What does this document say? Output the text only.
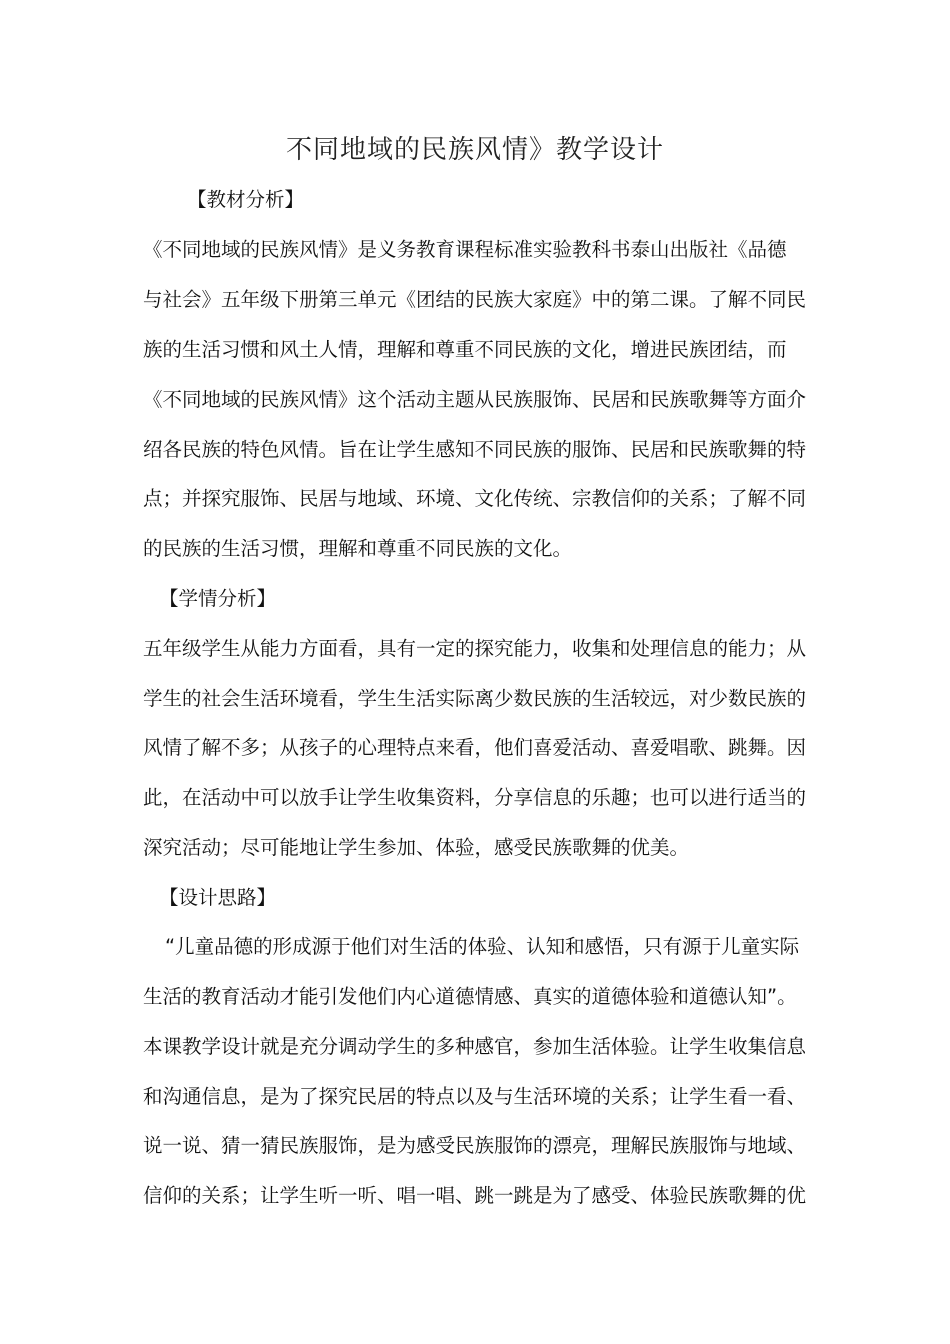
不同地域的民族风情》教学设计
【教材分析】
《不同地域的民族风情》是义务教育课程标准实验教科书泰山出版社《品德
与社会》五年级下册第三单元《团结的民族大家庭》中的第二课。了解不同民
族的生活习惯和风土人情，理解和尊重不同民族的文化，增进民族团结，而
《不同地域的民族风情》这个活动主题从民族服饰、民居和民族歌舞等方面介
绍各民族的特色风情。旨在让学生感知不同民族的服饰、民居和民族歌舞的特
点；并探究服饰、民居与地域、环境、文化传统、宗教信仰的关系；了解不同
的民族的生活习惯，理解和尊重不同民族的文化。
【学情分析】
五年级学生从能力方面看，具有一定的探究能力，收集和处理信息的能力；从
学生的社会生活环境看，学生生活实际离少数民族的生活较远，对少数民族的
风情了解不多；从孩子的心理特点来看，他们喜爱活动、喜爱唱歌、跳舞。因
此，在活动中可以放手让学生收集资料，分享信息的乐趣；也可以进行适当的
深究活动；尽可能地让学生参加、体验，感受民族歌舞的优美。
【设计思路】
“儿童品德的形成源于他们对生活的体验、认知和感悟，只有源于儿童实际
生活的教育活动才能引发他们内心道德情感、真实的道德体验和道德认知”。
本课教学设计就是充分调动学生的多种感官，参加生活体验。让学生收集信息
和沟通信息，是为了探究民居的特点以及与生活环境的关系；让学生看一看、
说一说、猜一猜民族服饰，是为感受民族服饰的漂亮，理解民族服饰与地域、
信仰的关系；让学生听一听、唱一唱、跳一跳是为了感受、体验民族歌舞的优
